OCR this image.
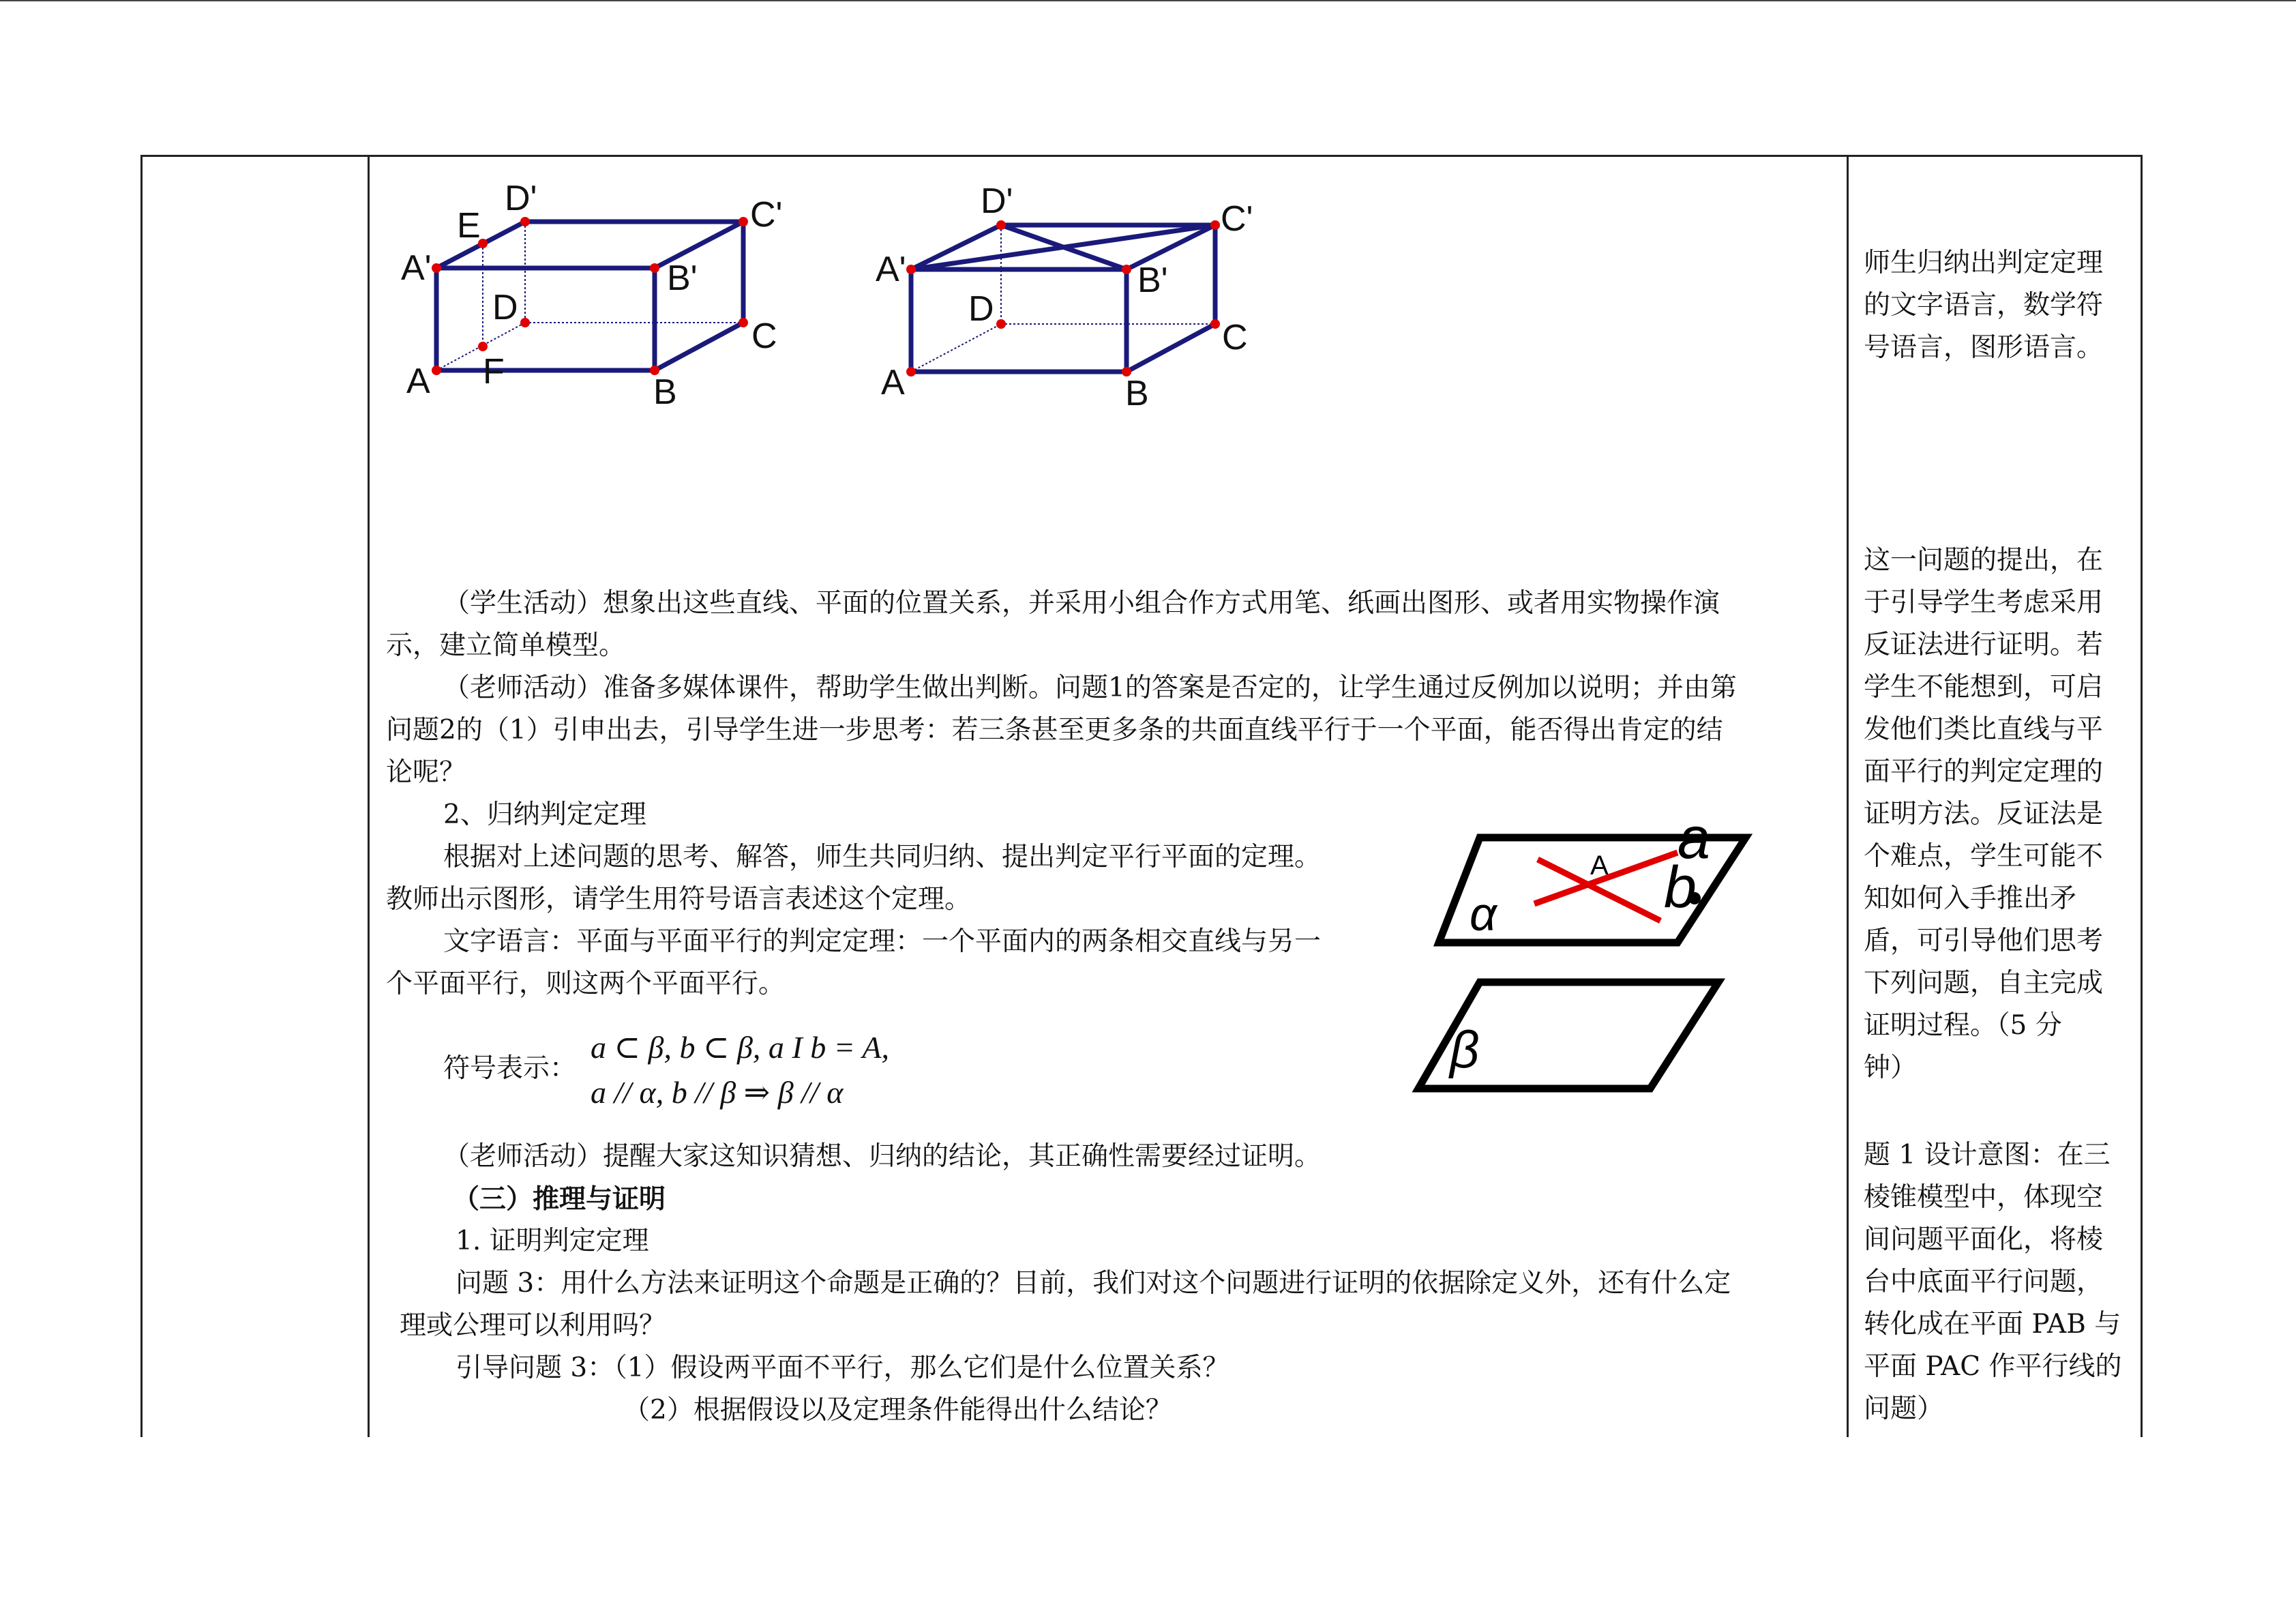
A	B
C
D
A'	B'
C'
D'
E
F	A	B
C
D
A'	B'
C'
D'
（学生活动）想象出这些直线、平面的位置关系，并采用小组合作方式用笔、纸画出图形、或者用实物操作演
示，建立简单模型。
（老师活动）准备多媒体课件，帮助学生做出判断。问题1的答案是否定的，让学生通过反例加以说明；并由第
问题2的（1）引申出去，引导学生进一步思考：若三条甚至更多条的共面直线平行于一个平面，能否得出肯定的结
论呢？
2、归纳判定定理
根据对上述问题的思考、解答，师生共同归纳、提出判定平行平面的定理。
教师出示图形，请学生用符号语言表述这个定理。
文字语言：平面与平面平行的判定定理：一个平面内的两条相交直线与另一
个平面平行，则这两个平面平行。
符号表示：
a ⊂ β, b ⊂ β, a I b = A,
a // α, b // β ⇒ β // α
（老师活动）提醒大家这知识猜想、归纳的结论，其正确性需要经过证明。
（三）推理与证明
1. 证明判定定理
问题 3：用什么方法来证明这个命题是正确的？目前，我们对这个问题进行证明的依据除定义外，还有什么定
理或公理可以利用吗？
引导问题 3：（1）假设两平面不平行，那么它们是什么位置关系？
（2）根据假设以及定理条件能得出什么结论？
α
A a
b
β
师生归纳出判定定理
的文字语言，数学符
号语言，图形语言。
这一问题的提出，在
于引导学生考虑采用
反证法进行证明。若
学生不能想到，可启
发他们类比直线与平
面平行的判定定理的
证明方法。反证法是
个难点，学生可能不
知如何入手推出矛
盾，可引导他们思考
下列问题，自主完成
证明过程。（5 分
钟）
题 1 设计意图：在三
棱锥模型中，体现空
间问题平面化，将棱
台中底面平行问题，
转化成在平面 PAB 与
平面 PAC 作平行线的
问题）
